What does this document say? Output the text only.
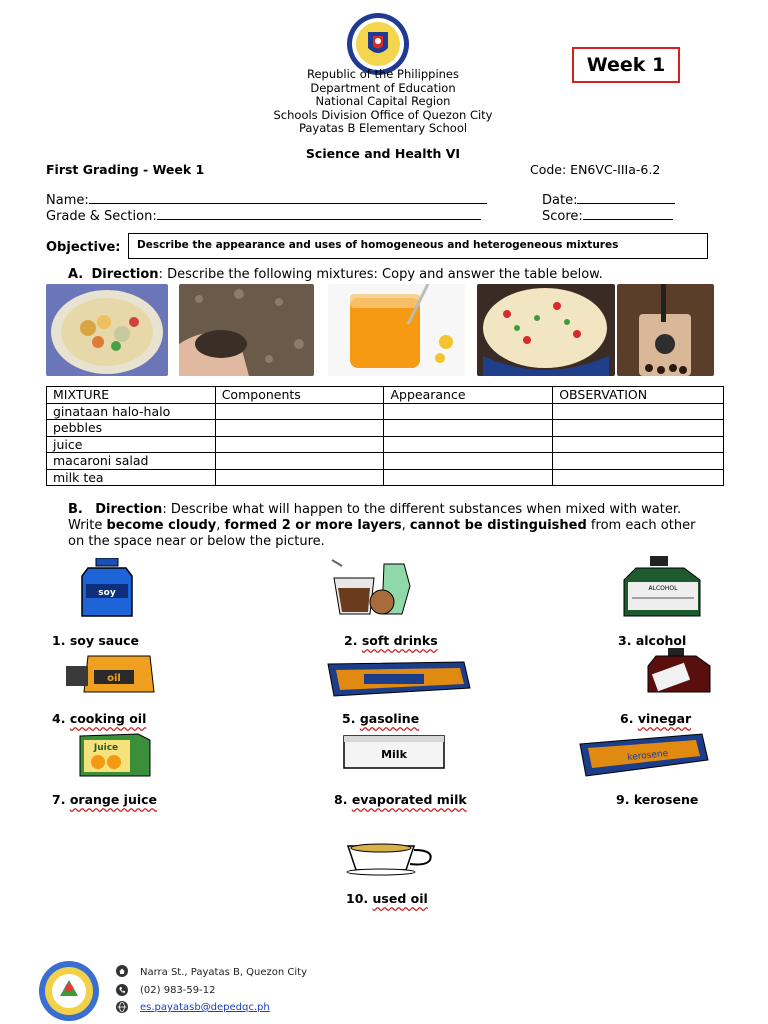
Week 1
Republic of the Philippines
Department of Education
National Capital Region
Schools Division Office of Quezon City
Payatas B Elementary School
Science and Health VI
First Grading - Week 1	Code: EN6VC-IIIa-6.2
Name:	Date:
Grade & Section:	Score:
Objective:	Describe the appearance and uses of homogeneous and heterogeneous mixtures
A. Direction: Describe the following mixtures: Copy and answer the table below.
MIXTURE	Components	Appearance	OBSERVATION
ginataan halo-halo			
pebbles			
juice			
macaroni salad			
milk tea			
B. Direction: Describe what will happen to the different substances when mixed with water. Write become cloudy, formed 2 or more layers, cannot be distinguished from each other on the space near or below the picture.
soy	ALCOHOL
1. soy sauce	2. soft drinks	3. alcohol
oil
4. cooking oil	5. gasoline	6. vinegar
Juice	Milk	kerosene
7. orange juice	8. evaporated milk	9. kerosene
10. used oil
Narra St., Payatas B, Quezon City
(02) 983-59-12
es.payatasb@depedqc.ph
